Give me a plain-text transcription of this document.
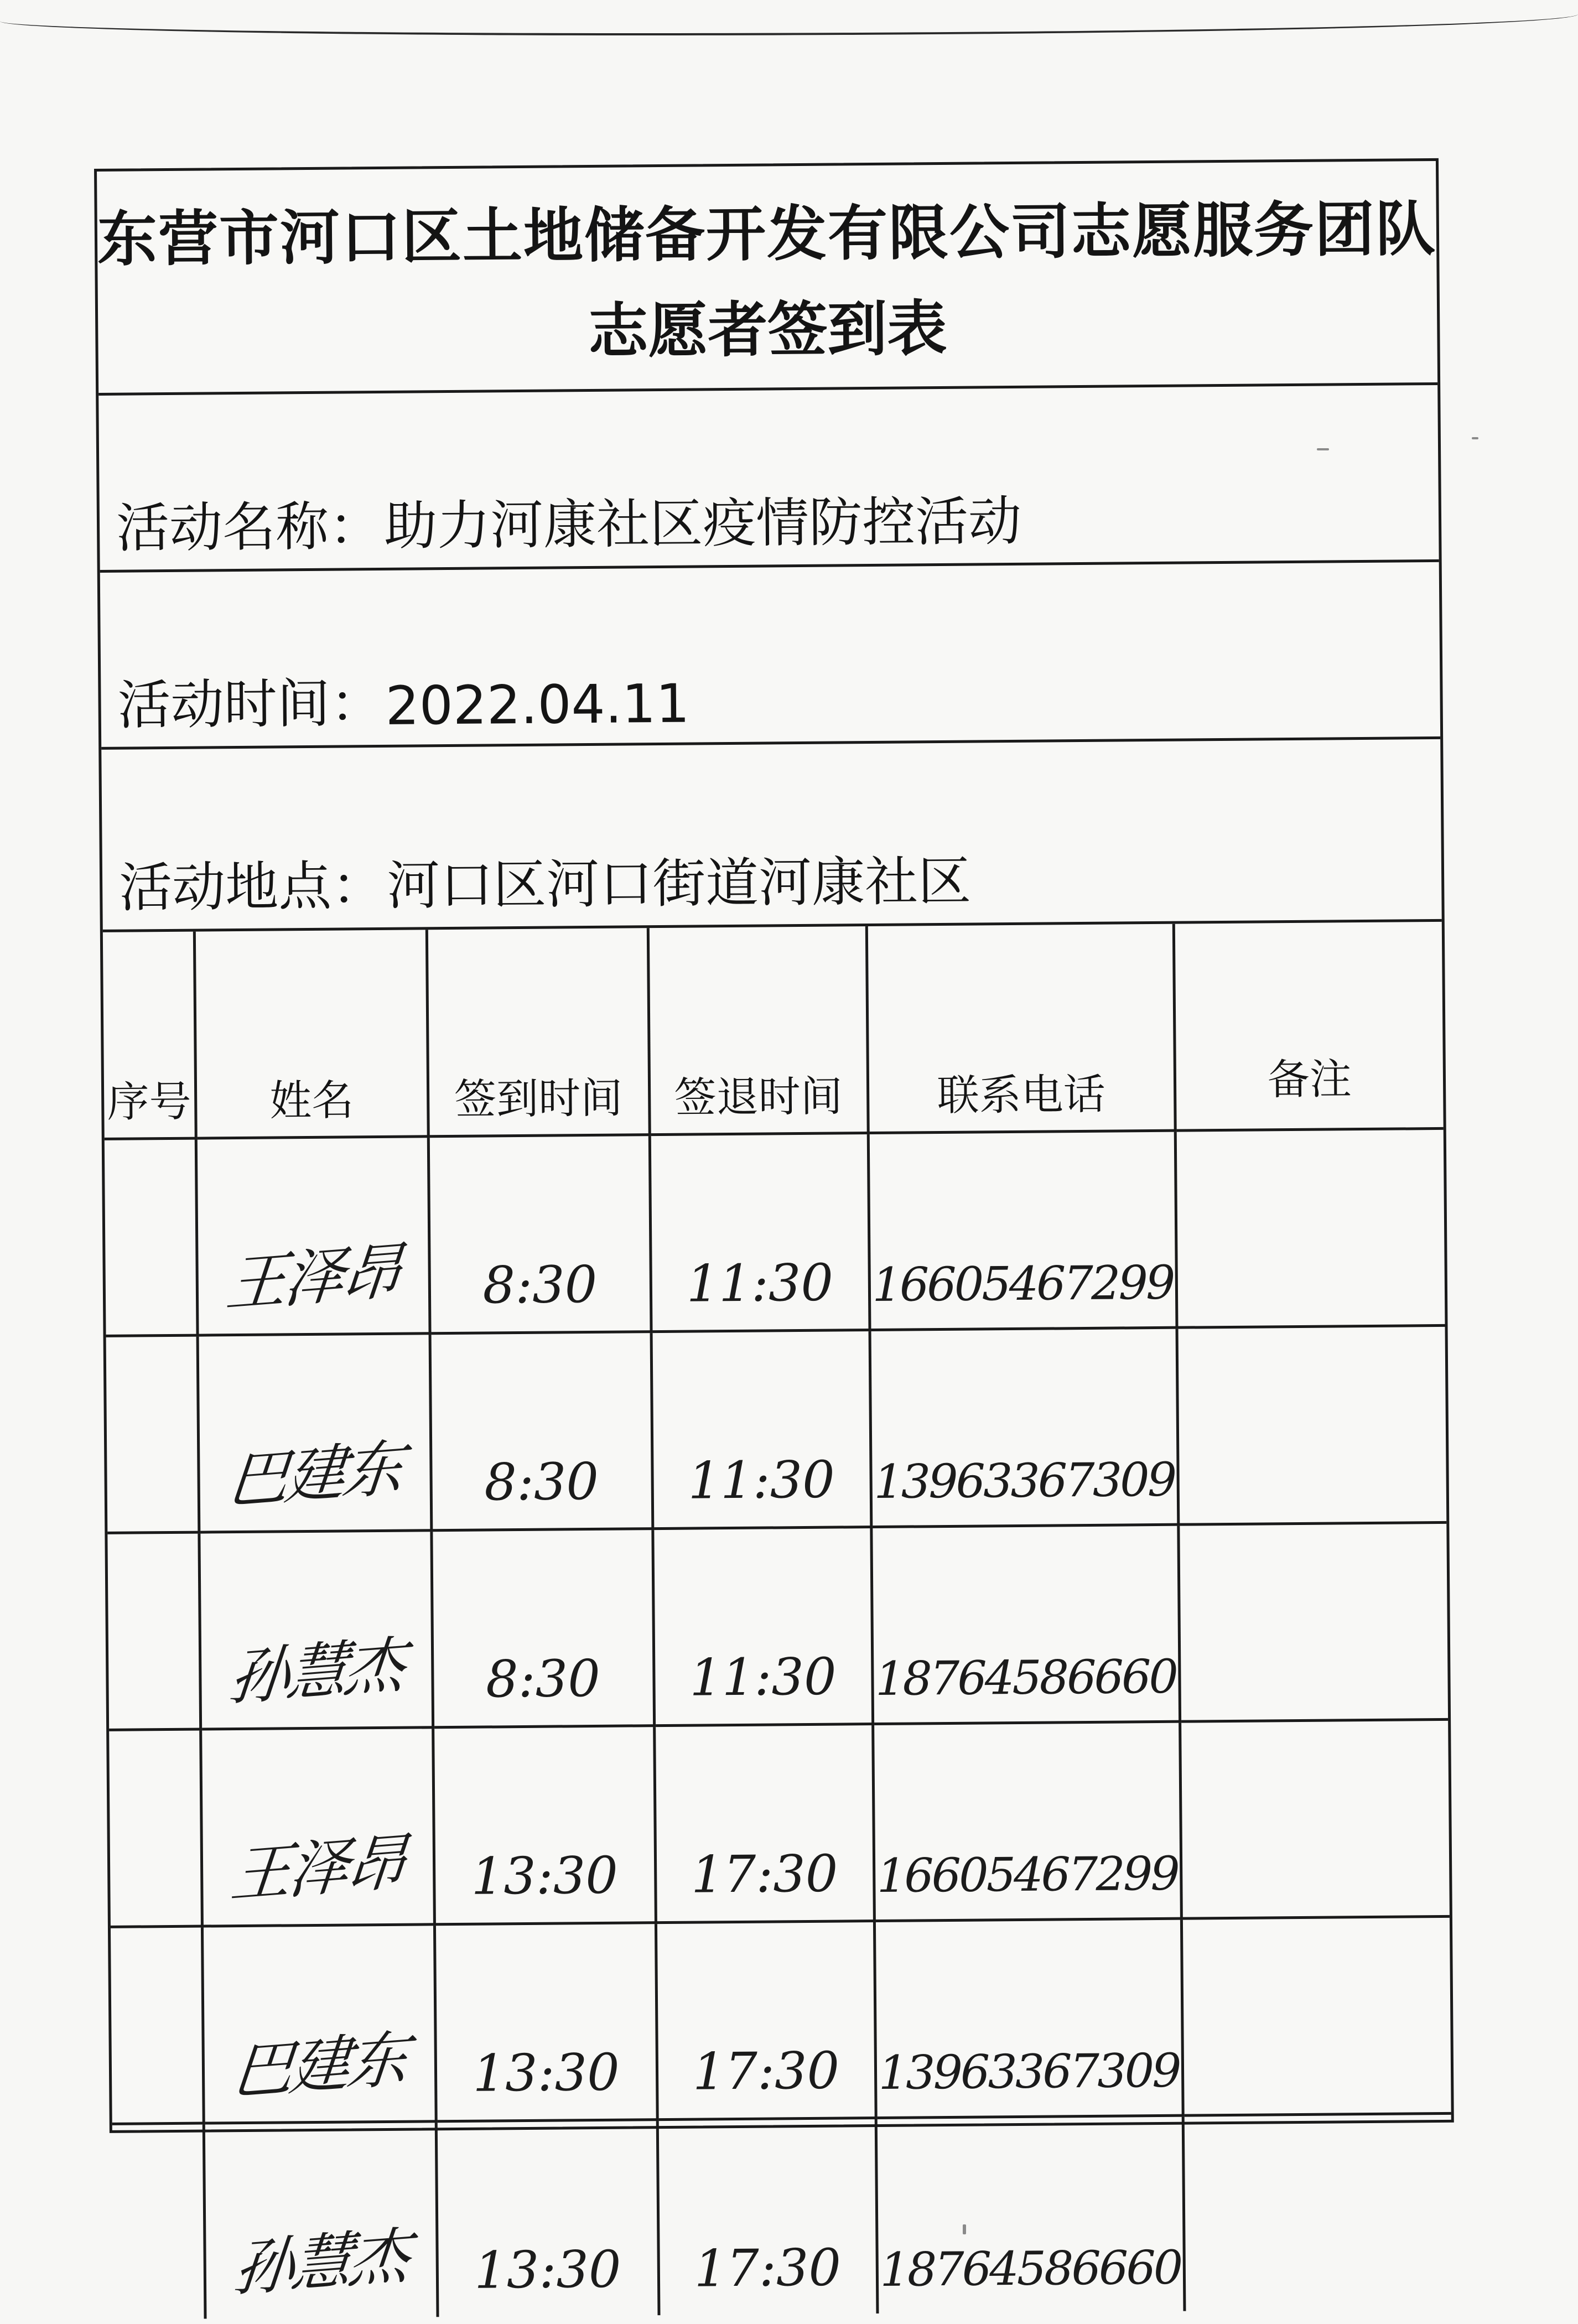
东营市河口区土地储备开发有限公司志愿服务团队
志愿者签到表
活动名称： 助力河康社区疫情防控活动
活动时间： 2022.04.11
活动地点： 河口区河口街道河康社区
序号	姓名	签到时间	签退时间	联系电话	备注
	王泽昂	8:30	11:30	16605467299	
	巴建东	8:30	11:30	13963367309	
	孙慧杰	8:30	11:30	18764586660	
	王泽昂	13:30	17:30	16605467299	
	巴建东	13:30	17:30	13963367309	
	孙慧杰	13:30	17:30	18764586660	
